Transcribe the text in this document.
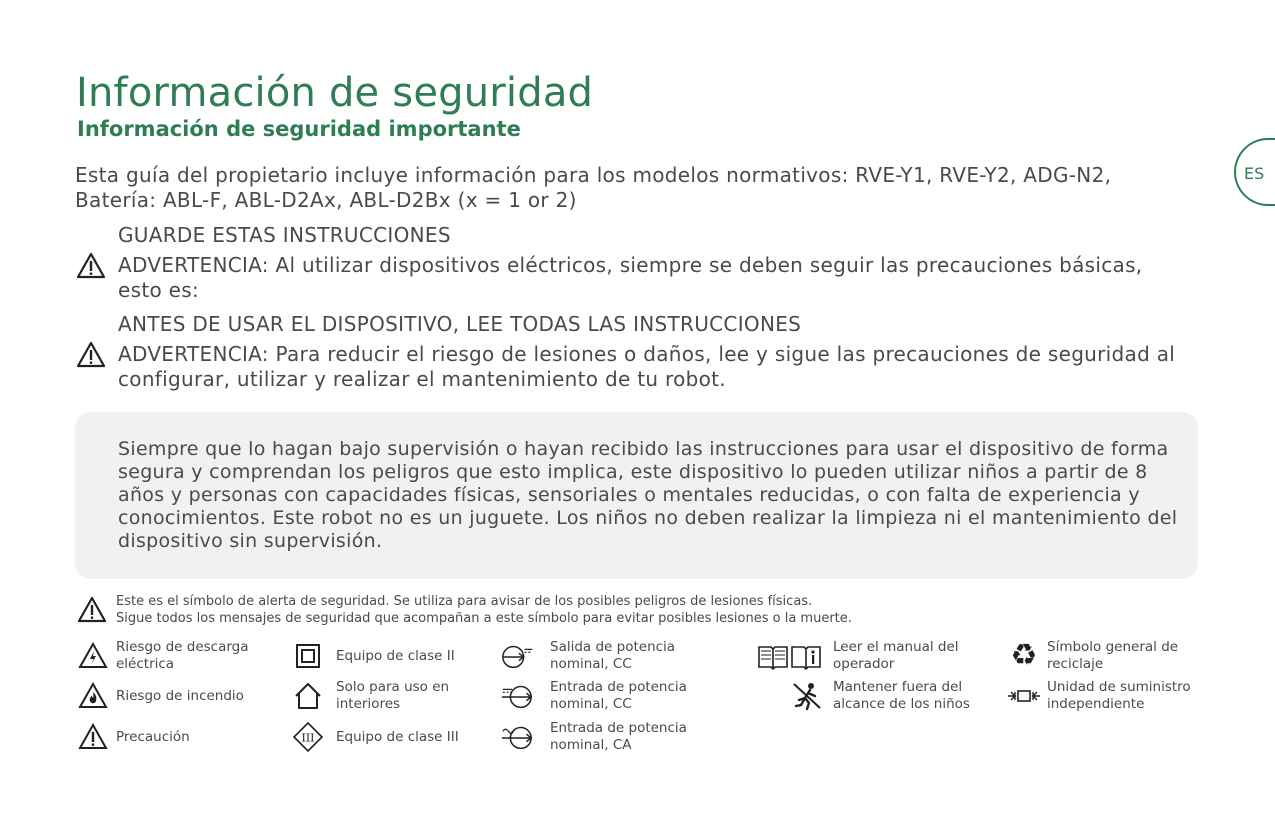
Información de seguridad
Información de seguridad importante
ES

Esta guía del propietario incluye información para los modelos normativos: RVE-Y1, RVE-Y2, ADG-N2, Batería: ABL-F, ABL-D2Ax, ABL-D2Bx (x = 1 or 2)

GUARDE ESTAS INSTRUCCIONES
ADVERTENCIA: Al utilizar dispositivos eléctricos, siempre se deben seguir las precauciones básicas, esto es:
ANTES DE USAR EL DISPOSITIVO, LEE TODAS LAS INSTRUCCIONES
ADVERTENCIA: Para reducir el riesgo de lesiones o daños, lee y sigue las precauciones de seguridad al configurar, utilizar y realizar el mantenimiento de tu robot.

Siempre que lo hagan bajo supervisión o hayan recibido las instrucciones para usar el dispositivo de forma segura y comprendan los peligros que esto implica, este dispositivo lo pueden utilizar niños a partir de 8 años y personas con capacidades físicas, sensoriales o mentales reducidas, o con falta de experiencia y conocimientos. Este robot no es un juguete. Los niños no deben realizar la limpieza ni el mantenimiento del dispositivo sin supervisión.

Este es el símbolo de alerta de seguridad. Se utiliza para avisar de los posibles peligros de lesiones físicas.
Sigue todos los mensajes de seguridad que acompañan a este símbolo para evitar posibles lesiones o la muerte.
Riesgo de descarga eléctrica
Riesgo de incendio
Precaución
Equipo de clase II
Solo para uso en interiores
III Equipo de clase III
Salida de potencia nominal, CC
Entrada de potencia nominal, CC
Entrada de potencia nominal, CA
Leer el manual del operador
Mantener fuera del alcance de los niños
♻ Símbolo general de reciclaje
Unidad de suministro independiente
